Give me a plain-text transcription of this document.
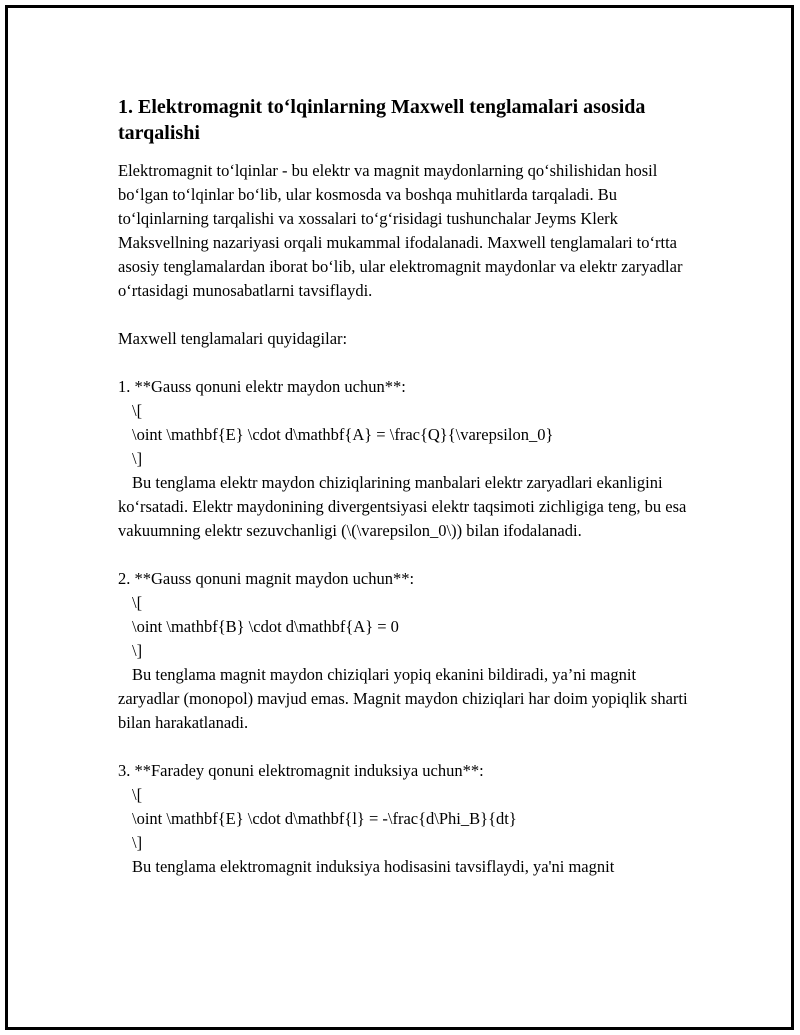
1. Elektromagnit to‘lqinlarning Maxwell tenglamalari asosida tarqalishi

Elektromagnit to‘lqinlar - bu elektr va magnit maydonlarning qo‘shilishidan hosil bo‘lgan to‘lqinlar bo‘lib, ular kosmosda va boshqa muhitlarda tarqaladi. Bu to‘lqinlarning tarqalishi va xossalari to‘g‘risidagi tushunchalar Jeyms Klerk Maksvellning nazariyasi orqali mukammal ifodalanadi. Maxwell tenglamalari to‘rtta asosiy tenglamalardan iborat bo‘lib, ular elektromagnit maydonlar va elektr zaryadlar o‘rtasidagi munosabatlarni tavsiflaydi.

Maxwell tenglamalari quyidagilar:

1. **Gauss qonuni elektr maydon uchun**:
\[
\oint \mathbf{E} \cdot d\mathbf{A} = \frac{Q}{\varepsilon_0}
\]

Bu tenglama elektr maydon chiziqlarining manbalari elektr zaryadlari ekanligini ko‘rsatadi. Elektr maydonining divergentsiyasi elektr taqsimoti zichligiga teng, bu esa vakuumning elektr sezuvchanligi (\(\varepsilon_0\)) bilan ifodalanadi.

2. **Gauss qonuni magnit maydon uchun**:
\[
\oint \mathbf{B} \cdot d\mathbf{A} = 0
\]

Bu tenglama magnit maydon chiziqlari yopiq ekanini bildiradi, ya’ni magnit zaryadlar (monopol) mavjud emas. Magnit maydon chiziqlari har doim yopiqlik sharti bilan harakatlanadi.

3. **Faradey qonuni elektromagnit induksiya uchun**:
\[
\oint \mathbf{E} \cdot d\mathbf{l} = -\frac{d\Phi_B}{dt}
\]

Bu tenglama elektromagnit induksiya hodisasini tavsiflaydi, ya'ni magnit
